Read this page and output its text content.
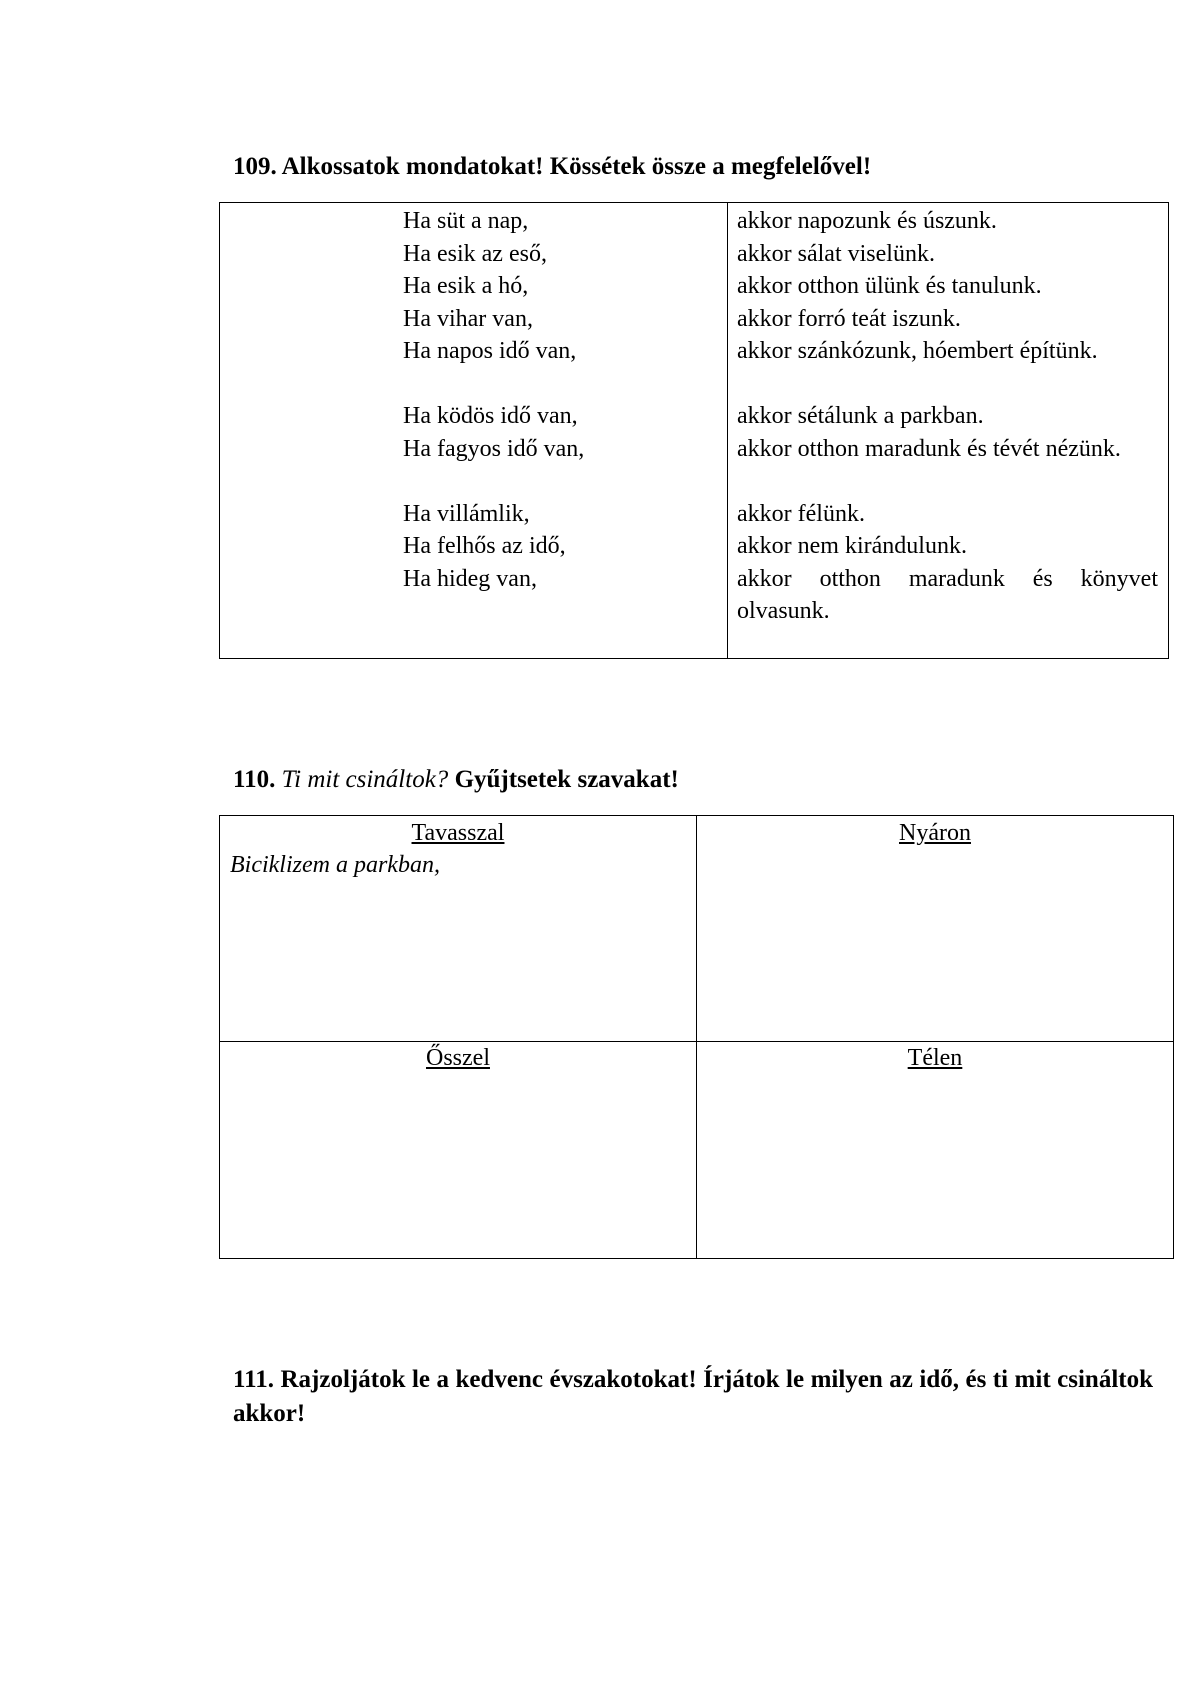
109. Alkossatok mondatokat! Kössétek össze a megfelelővel!

Ha süt a nap,
Ha esik az eső,
Ha esik a hó,
Ha vihar van,
Ha napos idő van,
Ha ködös idő van,
Ha fagyos idő van,
Ha villámlik,
Ha felhős az idő,
Ha hideg van,
akkor napozunk és úszunk.
akkor sálat viselünk.
akkor otthon ülünk és tanulunk.
akkor forró teát iszunk.
akkor szánkózunk, hóembert építünk.
akkor sétálunk a parkban.
akkor otthon maradunk és tévét nézünk.
akkor félünk.
akkor nem kirándulunk.
akkor otthon maradunk és könyvet olvasunk.

110. Ti mit csináltok? Gyűjtsetek szavakat!

Tavasszal
Biciklizem a parkban,
Nyáron
Ősszel	Télen

111. Rajzoljátok le a kedvenc évszakotokat! Írjátok le milyen az idő, és ti mit csináltok akkor!
